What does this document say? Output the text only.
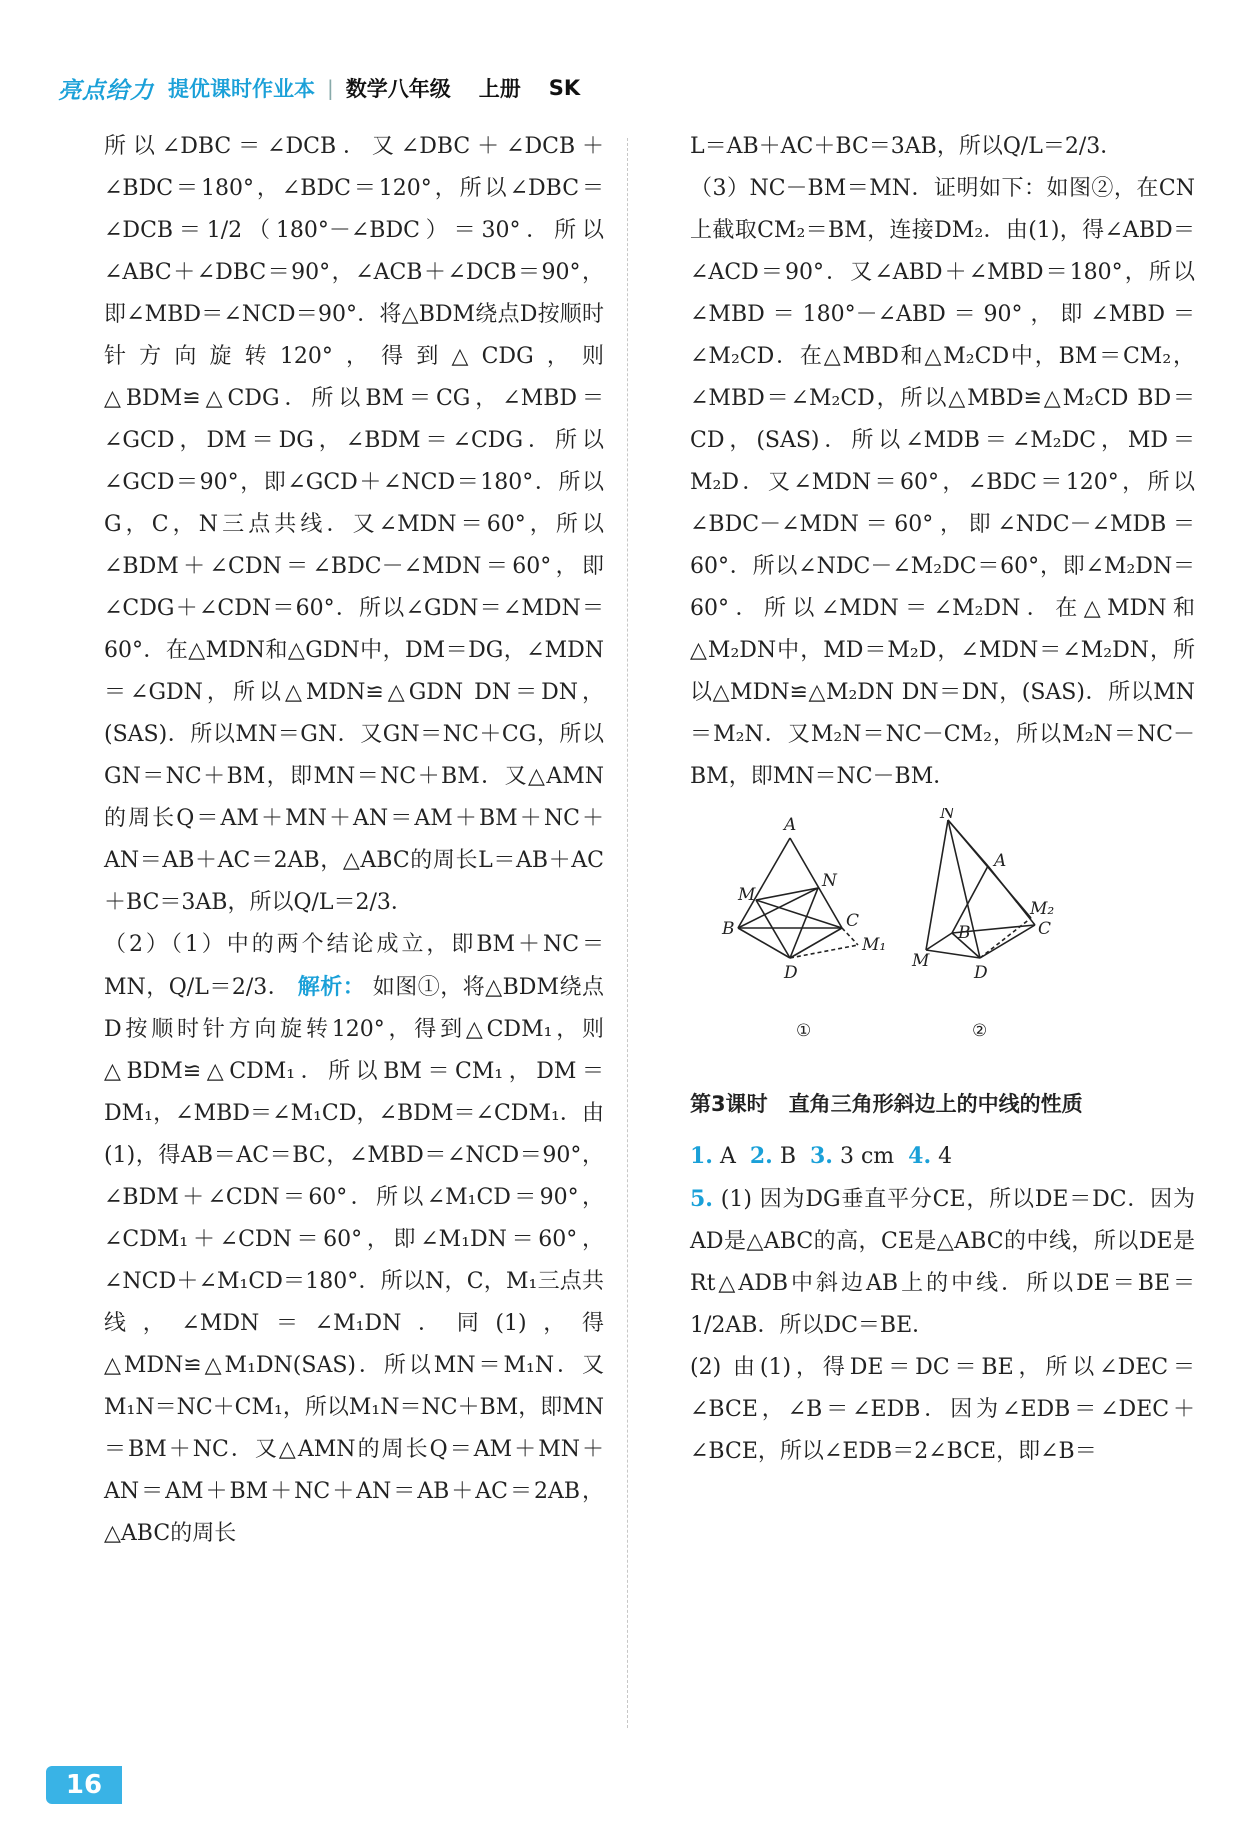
亮点给力 提优课时作业本 | 数学八年级 上册 SK

所以∠DBC＝∠DCB．又∠DBC＋∠DCB＋∠BDC＝180°，∠BDC＝120°，所以∠DBC＝∠DCB＝1/2（180°－∠BDC）＝30°．所以∠ABC＋∠DBC＝90°，∠ACB＋∠DCB＝90°，即∠MBD＝∠NCD＝90°．将△BDM绕点D按顺时针方向旋转120°，得到△CDG，则△BDM≌△CDG．所以BM＝CG，∠MBD＝∠GCD，DM＝DG，∠BDM＝∠CDG．所以∠GCD＝90°，即∠GCD＋∠NCD＝180°．所以G，C，N三点共线．又∠MDN＝60°，所以∠BDM＋∠CDN＝∠BDC－∠MDN＝60°，即∠CDG＋∠CDN＝60°．所以∠GDN＝∠MDN＝60°．在△MDN和△GDN中，DM＝DG，∠MDN＝∠GDN，所以△MDN≌△GDN DN＝DN，(SAS)．所以MN＝GN．又GN＝NC＋CG，所以GN＝NC＋BM，即MN＝NC＋BM．又△AMN的周长Q＝AM＋MN＋AN＝AM＋BM＋NC＋AN＝AB＋AC＝2AB，△ABC的周长L＝AB＋AC＋BC＝3AB，所以Q/L＝2/3．

（2）（1）中的两个结论成立，即BM＋NC＝MN，Q/L＝2/3． 解析： 如图①，将△BDM绕点D按顺时针方向旋转120°，得到△CDM₁，则△BDM≌△CDM₁．所以BM＝CM₁，DM＝DM₁，∠MBD＝∠M₁CD，∠BDM＝∠CDM₁．由(1)，得AB＝AC＝BC，∠MBD＝∠NCD＝90°，∠BDM＋∠CDN＝60°．所以∠M₁CD＝90°，∠CDM₁＋∠CDN＝60°，即∠M₁DN＝60°，∠NCD＋∠M₁CD＝180°．所以N，C，M₁三点共线，∠MDN＝∠M₁DN．同(1)，得△MDN≌△M₁DN(SAS)．所以MN＝M₁N．又M₁N＝NC＋CM₁，所以M₁N＝NC＋BM，即MN＝BM＋NC．又△AMN的周长Q＝AM＋MN＋AN＝AM＋BM＋NC＋AN＝AB＋AC＝2AB，△ABC的周长

L＝AB＋AC＋BC＝3AB，所以Q/L＝2/3．

（3）NC－BM＝MN．证明如下：如图②，在CN上截取CM₂＝BM，连接DM₂．由(1)，得∠ABD＝∠ACD＝90°．又∠ABD＋∠MBD＝180°，所以∠MBD＝180°－∠ABD＝90°，即∠MBD＝∠M₂CD．在△MBD和△M₂CD中，BM＝CM₂，∠MBD＝∠M₂CD，所以△MBD≌△M₂CD BD＝CD，(SAS)．所以∠MDB＝∠M₂DC，MD＝M₂D．又∠MDN＝60°，∠BDC＝120°，所以∠BDC－∠MDN＝60°，即∠NDC－∠MDB＝60°．所以∠NDC－∠M₂DC＝60°，即∠M₂DN＝60°．所以∠MDN＝∠M₂DN．在△MDN和△M₂DN中，MD＝M₂D，∠MDN＝∠M₂DN，所以△MDN≌△M₂DN DN＝DN，(SAS)．所以MN＝M₂N．又M₂N＝NC－CM₂，所以M₂N＝NC－BM，即MN＝NC－BM．

A
B	C
D
M
N
M₁
①
N
A
B	C
D
M
M₂
②
第3课时　直角三角形斜边上的中线的性质

1. A 2. B 3. 3 cm 4. 4

5. (1) 因为DG垂直平分CE，所以DE＝DC．因为AD是△ABC的高，CE是△ABC的中线，所以DE是Rt△ADB中斜边AB上的中线．所以DE＝BE＝1/2AB．所以DC＝BE．

(2) 由(1)，得DE＝DC＝BE，所以∠DEC＝∠BCE，∠B＝∠EDB．因为∠EDB＝∠DEC＋∠BCE，所以∠EDB＝2∠BCE，即∠B＝

16
